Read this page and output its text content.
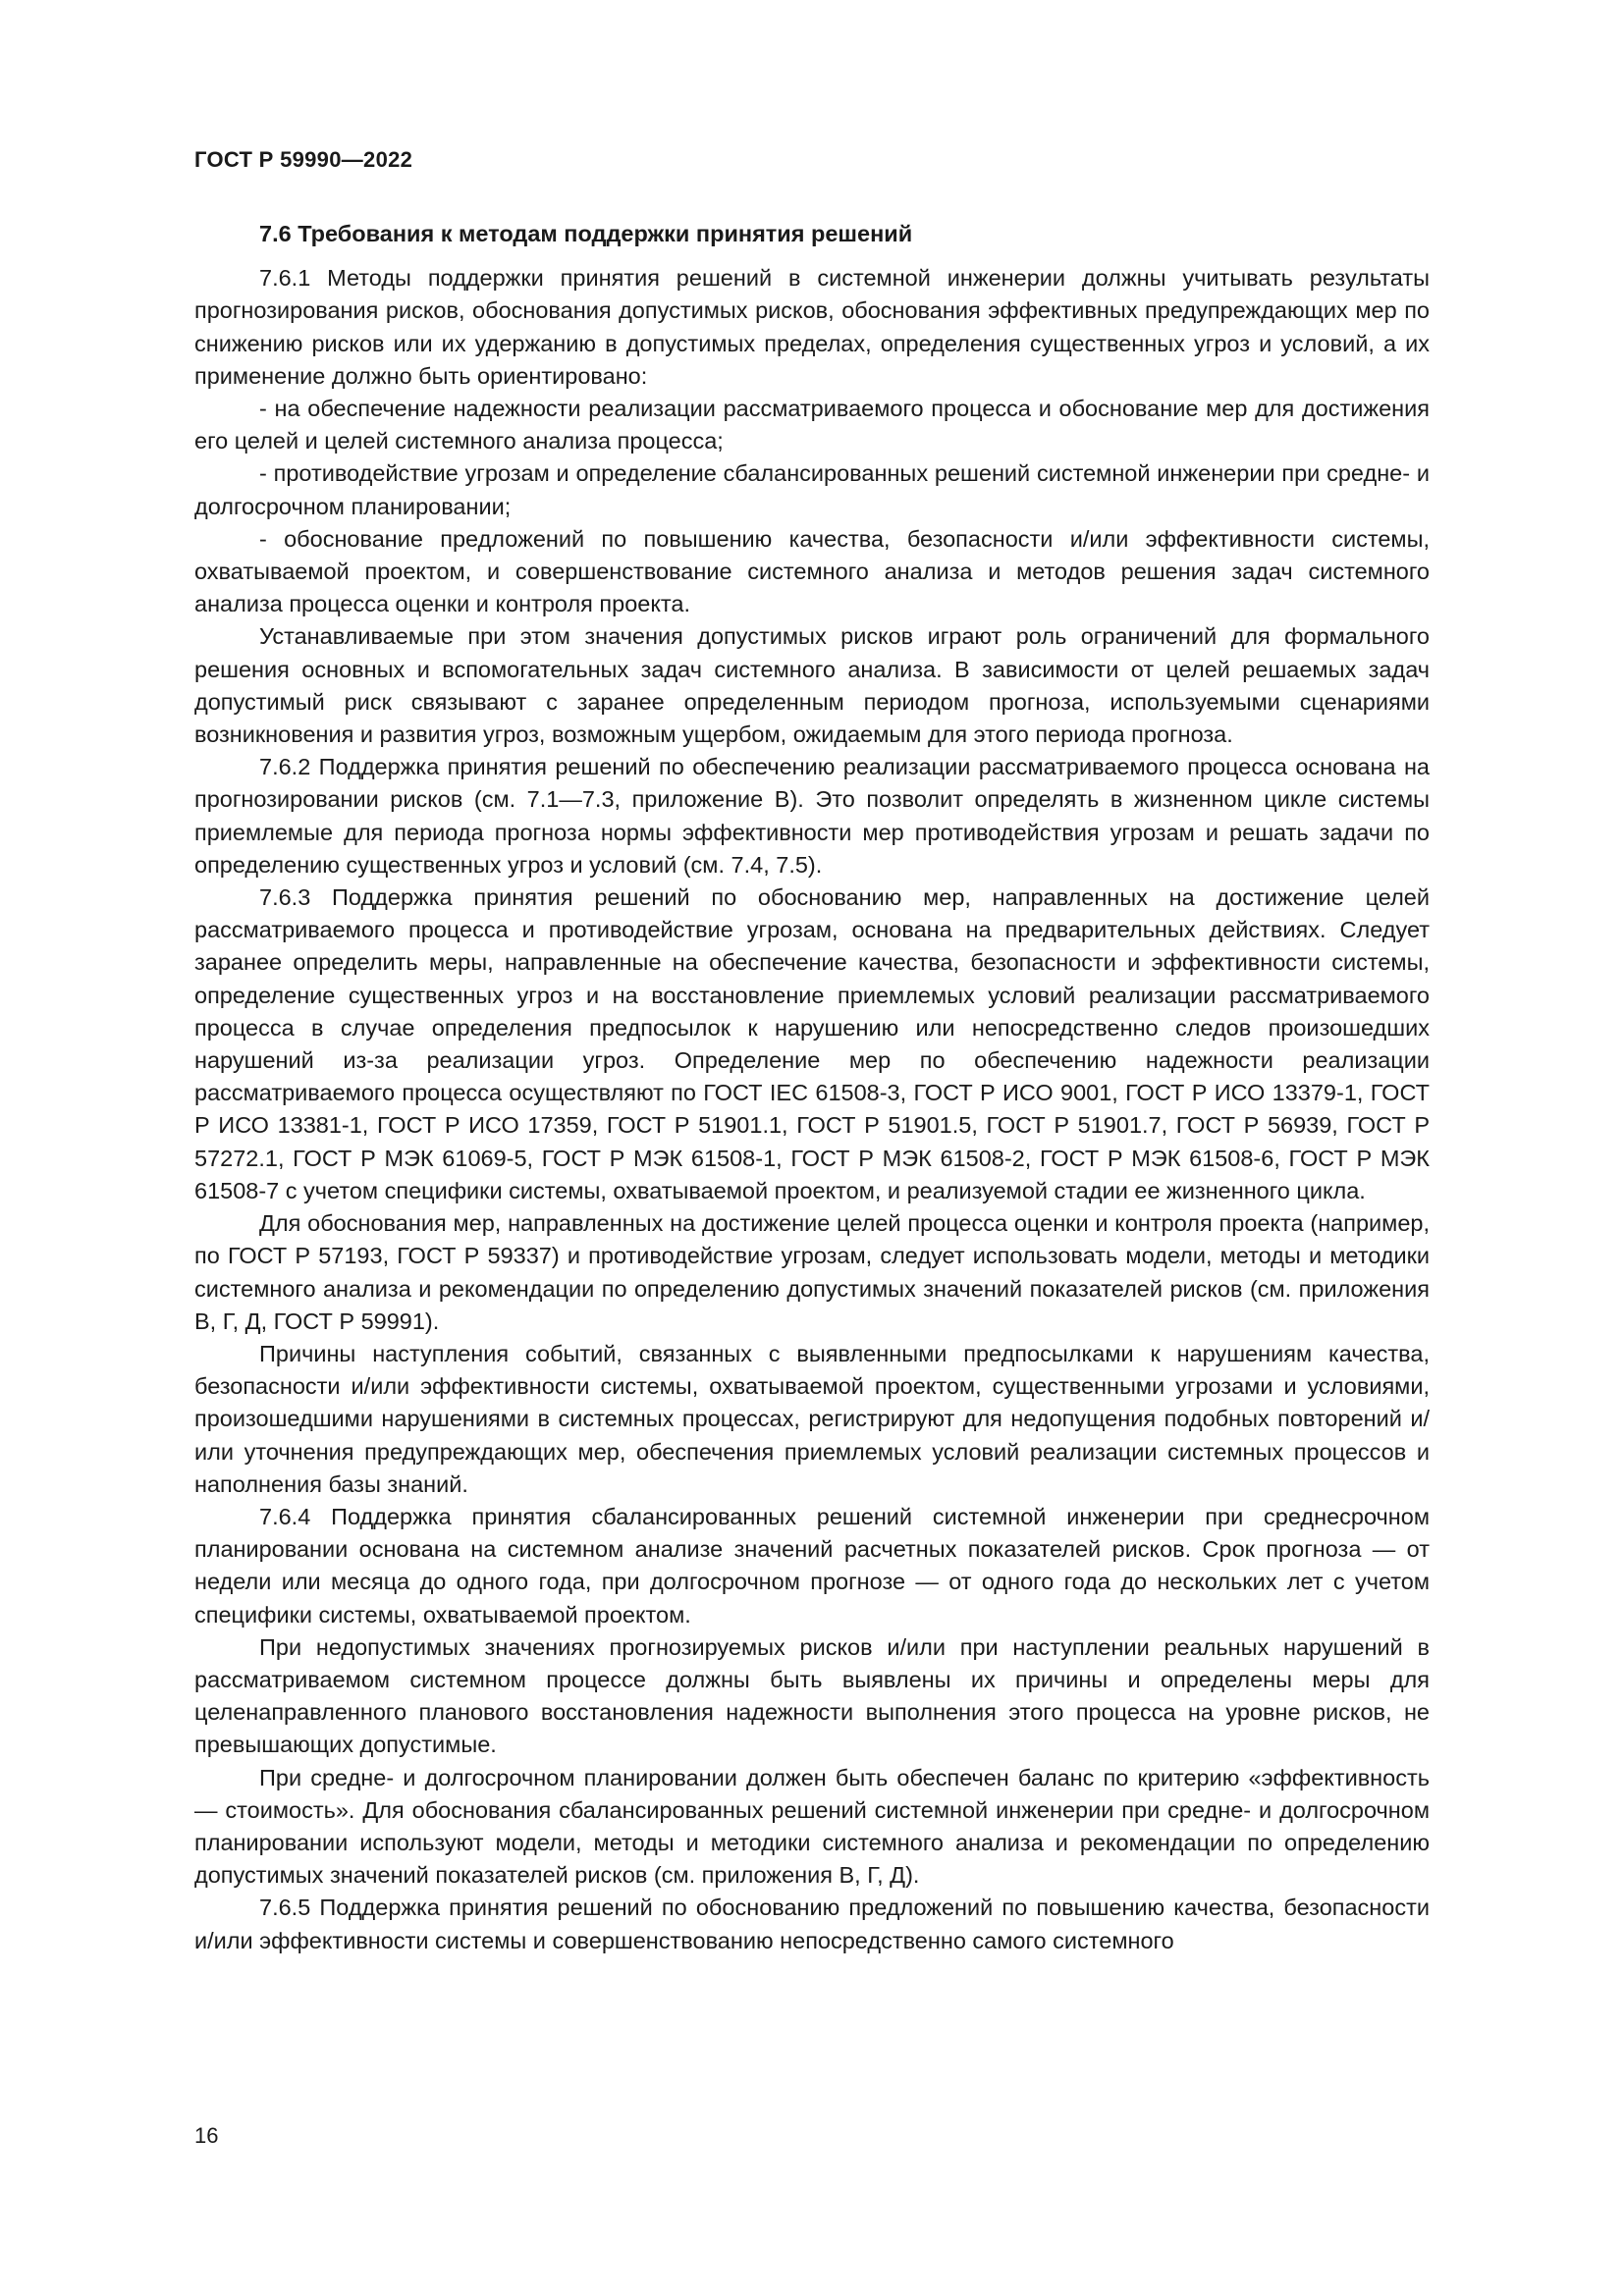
ГОСТ Р 59990—2022

7.6 Требования к методам поддержки принятия решений

7.6.1 Методы поддержки принятия решений в системной инженерии должны учитывать результаты прогнозирования рисков, обоснования допустимых рисков, обоснования эффективных предупреждающих мер по снижению рисков или их удержанию в допустимых пределах, определения существенных угроз и условий, а их применение должно быть ориентировано:

- на обеспечение надежности реализации рассматриваемого процесса и обоснование мер для достижения его целей и целей системного анализа процесса;

- противодействие угрозам и определение сбалансированных решений системной инженерии при средне- и долгосрочном планировании;

- обоснование предложений по повышению качества, безопасности и/или эффективности системы, охватываемой проектом, и совершенствование системного анализа и методов решения задач системного анализа процесса оценки и контроля проекта.

Устанавливаемые при этом значения допустимых рисков играют роль ограничений для формального решения основных и вспомогательных задач системного анализа. В зависимости от целей решаемых задач допустимый риск связывают с заранее определенным периодом прогноза, используемыми сценариями возникновения и развития угроз, возможным ущербом, ожидаемым для этого периода прогноза.

7.6.2 Поддержка принятия решений по обеспечению реализации рассматриваемого процесса основана на прогнозировании рисков (см. 7.1—7.3, приложение В). Это позволит определять в жизненном цикле системы приемлемые для периода прогноза нормы эффективности мер противодействия угрозам и решать задачи по определению существенных угроз и условий (см. 7.4, 7.5).

7.6.3 Поддержка принятия решений по обоснованию мер, направленных на достижение целей рассматриваемого процесса и противодействие угрозам, основана на предварительных действиях. Следует заранее определить меры, направленные на обеспечение качества, безопасности и эффективности системы, определение существенных угроз и на восстановление приемлемых условий реализации рассматриваемого процесса в случае определения предпосылок к нарушению или непосредственно следов произошедших нарушений из-за реализации угроз. Определение мер по обеспечению надежности реализации рассматриваемого процесса осуществляют по ГОСТ IEC 61508-3, ГОСТ Р ИСО 9001, ГОСТ Р ИСО 13379-1, ГОСТ Р ИСО 13381-1, ГОСТ Р ИСО 17359, ГОСТ Р 51901.1, ГОСТ Р 51901.5, ГОСТ Р 51901.7, ГОСТ Р 56939, ГОСТ Р 57272.1, ГОСТ Р МЭК 61069-5, ГОСТ Р МЭК 61508-1, ГОСТ Р МЭК 61508-2, ГОСТ Р МЭК 61508-6, ГОСТ Р МЭК 61508-7 с учетом специфики системы, охватываемой проектом, и реализуемой стадии ее жизненного цикла.

Для обоснования мер, направленных на достижение целей процесса оценки и контроля проекта (например, по ГОСТ Р 57193, ГОСТ Р 59337) и противодействие угрозам, следует использовать модели, методы и методики системного анализа и рекомендации по определению допустимых значений показателей рисков (см. приложения В, Г, Д, ГОСТ Р 59991).

Причины наступления событий, связанных с выявленными предпосылками к нарушениям качества, безопасности и/или эффективности системы, охватываемой проектом, существенными угрозами и условиями, произошедшими нарушениями в системных процессах, регистрируют для недопущения подобных повторений и/или уточнения предупреждающих мер, обеспечения приемлемых условий реализации системных процессов и наполнения базы знаний.

7.6.4 Поддержка принятия сбалансированных решений системной инженерии при среднесрочном планировании основана на системном анализе значений расчетных показателей рисков. Срок прогноза — от недели или месяца до одного года, при долгосрочном прогнозе — от одного года до нескольких лет с учетом специфики системы, охватываемой проектом.

При недопустимых значениях прогнозируемых рисков и/или при наступлении реальных нарушений в рассматриваемом системном процессе должны быть выявлены их причины и определены меры для целенаправленного планового восстановления надежности выполнения этого процесса на уровне рисков, не превышающих допустимые.

При средне- и долгосрочном планировании должен быть обеспечен баланс по критерию «эффективность — стоимость». Для обоснования сбалансированных решений системной инженерии при средне- и долгосрочном планировании используют модели, методы и методики системного анализа и рекомендации по определению допустимых значений показателей рисков (см. приложения В, Г, Д).

7.6.5 Поддержка принятия решений по обоснованию предложений по повышению качества, безопасности и/или эффективности системы и совершенствованию непосредственно самого системного

16
